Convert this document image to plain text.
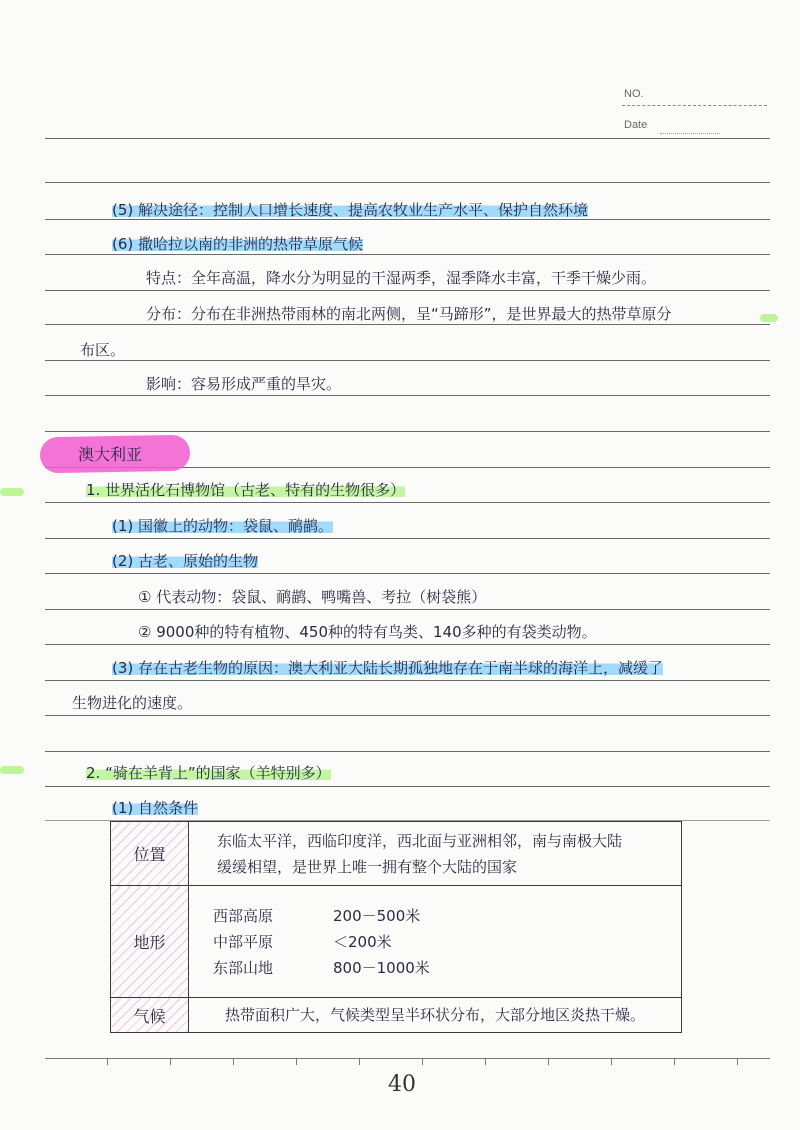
NO.
Date
(5) 解决途径：控制人口增长速度、提高农牧业生产水平、保护自然环境
(6) 撒哈拉以南的非洲的热带草原气候
特点：全年高温，降水分为明显的干湿两季，湿季降水丰富，干季干燥少雨。
分布：分布在非洲热带雨林的南北两侧，呈“马蹄形”，是世界最大的热带草原分
布区。
影响：容易形成严重的旱灾。
澳大利亚
1. 世界活化石博物馆（古老、特有的生物很多）
(1) 国徽上的动物：袋鼠、鸸鹋。
(2) 古老、原始的生物
① 代表动物：袋鼠、鸸鹋、鸭嘴兽、考拉（树袋熊）
② 9000种的特有植物、450种的特有鸟类、140多种的有袋类动物。
(3) 存在古老生物的原因：澳大利亚大陆长期孤独地存在于南半球的海洋上，减缓了
生物进化的速度。
2. “骑在羊背上”的国家（羊特别多）
(1) 自然条件
位置	东临太平洋，西临印度洋，西北面与亚洲相邻，南与南极大陆
缓缓相望，是世界上唯一拥有整个大陆的国家

地形	西部高原 200－500米
中部平原 ＜200米
东部山地 800－1000米

气候	热带面积广大，气候类型呈半环状分布，大部分地区炎热干燥。
40
